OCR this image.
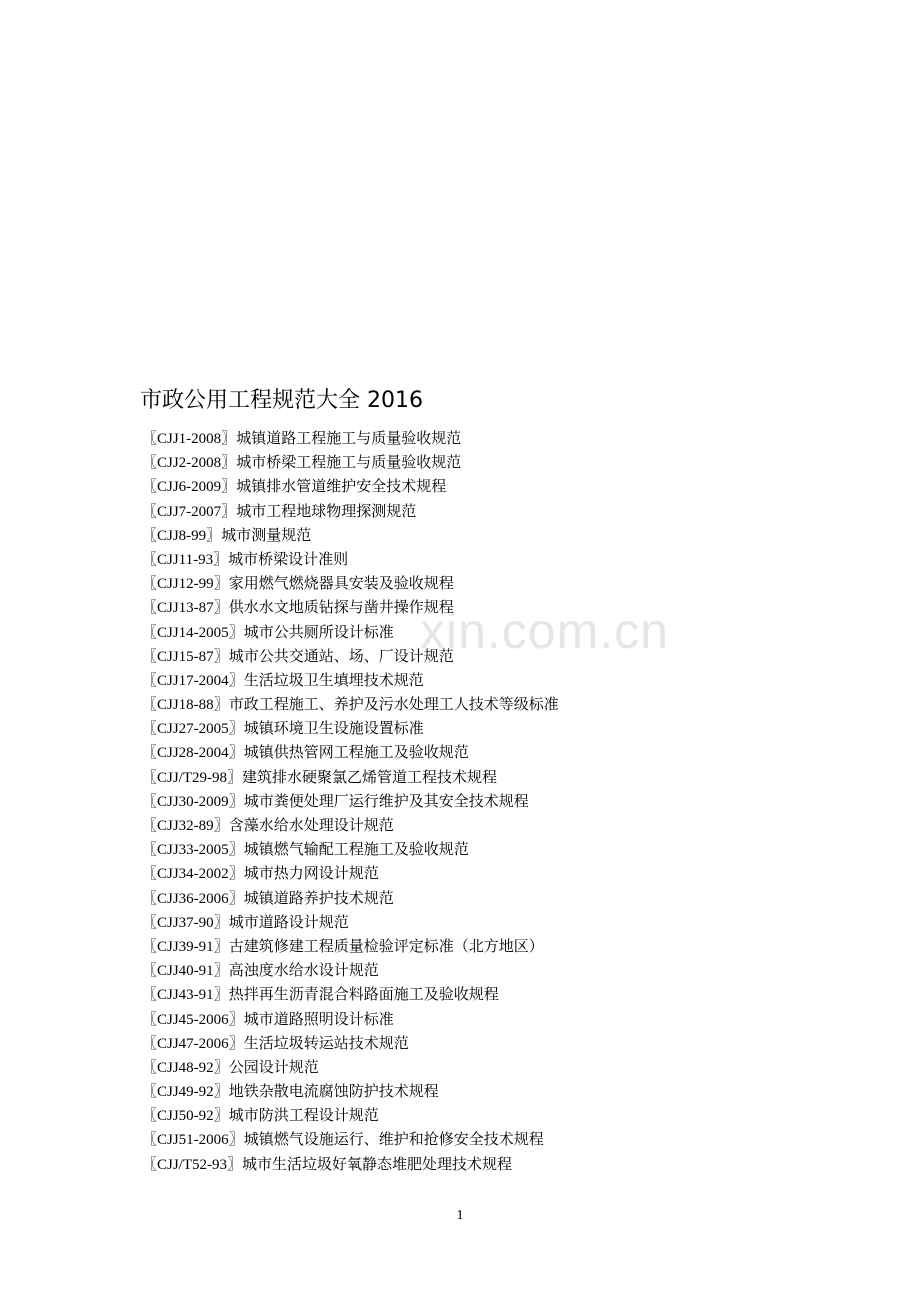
xin.com.cn
市政公用工程规范大全 2016
〖CJJ1-2008〗城镇道路工程施工与质量验收规范
〖CJJ2-2008〗城市桥梁工程施工与质量验收规范
〖CJJ6-2009〗城镇排水管道维护安全技术规程
〖CJJ7-2007〗城市工程地球物理探测规范
〖CJJ8-99〗城市测量规范
〖CJJ11-93〗城市桥梁设计准则
〖CJJ12-99〗家用燃气燃烧器具安装及验收规程
〖CJJ13-87〗供水水文地质钻探与凿井操作规程
〖CJJ14-2005〗城市公共厕所设计标准
〖CJJ15-87〗城市公共交通站、场、厂设计规范
〖CJJ17-2004〗生活垃圾卫生填埋技术规范
〖CJJ18-88〗市政工程施工、养护及污水处理工人技术等级标准
〖CJJ27-2005〗城镇环境卫生设施设置标准
〖CJJ28-2004〗城镇供热管网工程施工及验收规范
〖CJJ/T29-98〗建筑排水硬聚氯乙烯管道工程技术规程
〖CJJ30-2009〗城市粪便处理厂运行维护及其安全技术规程
〖CJJ32-89〗含藻水给水处理设计规范
〖CJJ33-2005〗城镇燃气输配工程施工及验收规范
〖CJJ34-2002〗城市热力网设计规范
〖CJJ36-2006〗城镇道路养护技术规范
〖CJJ37-90〗城市道路设计规范
〖CJJ39-91〗古建筑修建工程质量检验评定标准（北方地区）
〖CJJ40-91〗高浊度水给水设计规范
〖CJJ43-91〗热拌再生沥青混合料路面施工及验收规程
〖CJJ45-2006〗城市道路照明设计标准
〖CJJ47-2006〗生活垃圾转运站技术规范
〖CJJ48-92〗公园设计规范
〖CJJ49-92〗地铁杂散电流腐蚀防护技术规程
〖CJJ50-92〗城市防洪工程设计规范
〖CJJ51-2006〗城镇燃气设施运行、维护和抢修安全技术规程
〖CJJ/T52-93〗城市生活垃圾好氧静态堆肥处理技术规程
1
